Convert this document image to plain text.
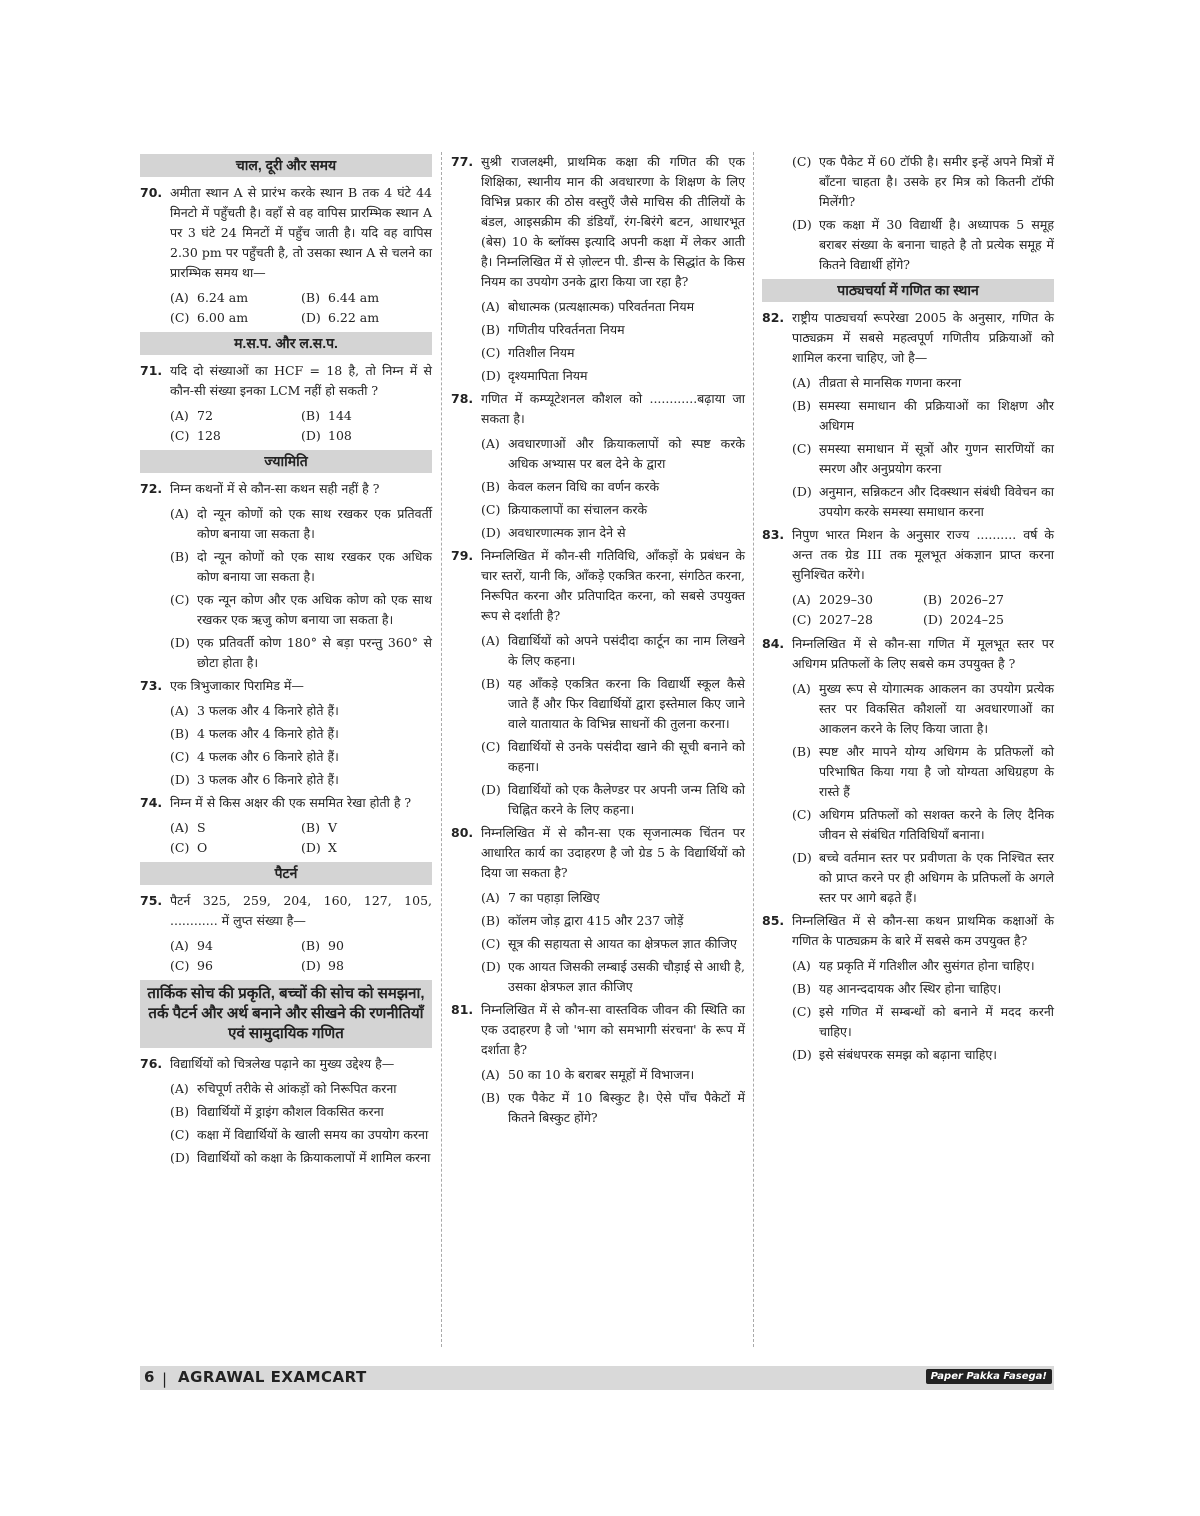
चाल, दूरी और समय
70. अमीता स्थान A से प्रारंभ करके स्थान B तक 4 घंटे 44 मिनटो में पहुँचती है। वहाँ से वह वापिस प्रारम्भिक स्थान A पर 3 घंटे 24 मिनटों में पहुँच जाती है। यदि वह वापिस 2.30 pm पर पहुँचती है, तो उसका स्थान A से चलने का प्रारम्भिक समय था—
(A) 6.24 am	(B) 6.44 am
(C) 6.00 am	(D) 6.22 am
म.स.प. और ल.स.प.
71. यदि दो संख्याओं का HCF = 18 है, तो निम्न में से कौन-सी संख्या इनका LCM नहीं हो सकती ?
(A) 72	(B) 144
(C) 128	(D) 108
ज्यामिति
72. निम्न कथनों में से कौन-सा कथन सही नहीं है ?
(A) दो न्यून कोणों को एक साथ रखकर एक प्रतिवर्ती कोण बनाया जा सकता है।
(B) दो न्यून कोणों को एक साथ रखकर एक अधिक कोण बनाया जा सकता है।
(C) एक न्यून कोण और एक अधिक कोण को एक साथ रखकर एक ऋजु कोण बनाया जा सकता है।
(D) एक प्रतिवर्ती कोण 180° से बड़ा परन्तु 360° से छोटा होता है।
73. एक त्रिभुजाकार पिरामिड में—
(A) 3 फलक और 4 किनारे होते हैं।
(B) 4 फलक और 4 किनारे होते हैं।
(C) 4 फलक और 6 किनारे होते हैं।
(D) 3 फलक और 6 किनारे होते हैं।
74. निम्न में से किस अक्षर की एक सममित रेखा होती है ?
(A) S	(B) V
(C) O	(D) X
पैटर्न
75. पैटर्न 325, 259, 204, 160, 127, 105, ............ में लुप्त संख्या है—
(A) 94	(B) 90
(C) 96	(D) 98
तार्किक सोच की प्रकृति, बच्चों की सोच को समझना, तर्क पैटर्न और अर्थ बनाने और सीखने की रणनीतियाँ एवं सामुदायिक गणित
76. विद्यार्थियों को चित्रलेख पढ़ाने का मुख्य उद्देश्य है—
(A) रुचिपूर्ण तरीके से आंकड़ों को निरूपित करना
(B) विद्यार्थियों में ड्राइंग कौशल विकसित करना
(C) कक्षा में विद्यार्थियों के खाली समय का उपयोग करना
(D) विद्यार्थियों को कक्षा के क्रियाकलापों में शामिल करना
77. सुश्री राजलक्ष्मी, प्राथमिक कक्षा की गणित की एक शिक्षिका, स्थानीय मान की अवधारणा के शिक्षण के लिए विभिन्न प्रकार की ठोस वस्तुएँ जैसे माचिस की तीलियों के बंडल, आइसक्रीम की डंडियाँ, रंग-बिरंगे बटन, आधारभूत (बेस) 10 के ब्लॉक्स इत्यादि अपनी कक्षा में लेकर आती है। निम्नलिखित में से ज़ोल्टन पी. डीन्स के सिद्धांत के किस नियम का उपयोग उनके द्वारा किया जा रहा है?
(A) बोधात्मक (प्रत्यक्षात्मक) परिवर्तनता नियम
(B) गणितीय परिवर्तनता नियम
(C) गतिशील नियम
(D) दृश्यमापिता नियम
78. गणित में कम्प्यूटेशनल कौशल को ............बढ़ाया जा सकता है।
(A) अवधारणाओं और क्रियाकलापों को स्पष्ट करके अधिक अभ्यास पर बल देने के द्वारा
(B) केवल कलन विधि का वर्णन करके
(C) क्रियाकलापों का संचालन करके
(D) अवधारणात्मक ज्ञान देने से
79. निम्नलिखित में कौन-सी गतिविधि, आँकड़ों के प्रबंधन के चार स्तरों, यानी कि, आँकड़े एकत्रित करना, संगठित करना, निरूपित करना और प्रतिपादित करना, को सबसे उपयुक्त रूप से दर्शाती है?
(A) विद्यार्थियों को अपने पसंदीदा कार्टून का नाम लिखने के लिए कहना।
(B) यह आँकड़े एकत्रित करना कि विद्यार्थी स्कूल कैसे जाते हैं और फिर विद्यार्थियों द्वारा इस्तेमाल किए जाने वाले यातायात के विभिन्न साधनों की तुलना करना।
(C) विद्यार्थियों से उनके पसंदीदा खाने की सूची बनाने को कहना।
(D) विद्यार्थियों को एक कैलेण्डर पर अपनी जन्म तिथि को चिह्नित करने के लिए कहना।
80. निम्नलिखित में से कौन-सा एक सृजनात्मक चिंतन पर आधारित कार्य का उदाहरण है जो ग्रेड 5 के विद्यार्थियों को दिया जा सकता है?
(A) 7 का पहाड़ा लिखिए
(B) कॉलम जोड़ द्वारा 415 और 237 जोड़ें
(C) सूत्र की सहायता से आयत का क्षेत्रफल ज्ञात कीजिए
(D) एक आयत जिसकी लम्बाई उसकी चौड़ाई से आधी है, उसका क्षेत्रफल ज्ञात कीजिए
81. निम्नलिखित में से कौन-सा वास्तविक जीवन की स्थिति का एक उदाहरण है जो 'भाग को समभागी संरचना' के रूप में दर्शाता है?
(A) 50 का 10 के बराबर समूहों में विभाजन।
(B) एक पैकेट में 10 बिस्कुट है। ऐसे पाँच पैकेटों में कितने बिस्कुट होंगे?
(C) एक पैकेट में 60 टॉफी है। समीर इन्हें अपने मित्रों में बाँटना चाहता है। उसके हर मित्र को कितनी टॉफी मिलेंगी?
(D) एक कक्षा में 30 विद्यार्थी है। अध्यापक 5 समूह बराबर संख्या के बनाना चाहते है तो प्रत्येक समूह में कितने विद्यार्थी होंगे?
पाठ्यचर्या में गणित का स्थान
82. राष्ट्रीय पाठ्यचर्या रूपरेखा 2005 के अनुसार, गणित के पाठ्यक्रम में सबसे महत्वपूर्ण गणितीय प्रक्रियाओं को शामिल करना चाहिए, जो है—
(A) तीव्रता से मानसिक गणना करना
(B) समस्या समाधान की प्रक्रियाओं का शिक्षण और अधिगम
(C) समस्या समाधान में सूत्रों और गुणन सारणियों का स्मरण और अनुप्रयोग करना
(D) अनुमान, सन्निकटन और दिक्स्थान संबंधी विवेचन का उपयोग करके समस्या समाधान करना
83. निपुण भारत मिशन के अनुसार राज्य .......... वर्ष के अन्त तक ग्रेड III तक मूलभूत अंकज्ञान प्राप्त करना सुनिश्चित करेंगे।
(A) 2029–30	(B) 2026–27
(C) 2027–28	(D) 2024–25
84. निम्नलिखित में से कौन-सा गणित में मूलभूत स्तर पर अधिगम प्रतिफलों के लिए सबसे कम उपयुक्त है ?
(A) मुख्य रूप से योगात्मक आकलन का उपयोग प्रत्येक स्तर पर विकसित कौशलों या अवधारणाओं का आकलन करने के लिए किया जाता है।
(B) स्पष्ट और मापने योग्य अधिगम के प्रतिफलों को परिभाषित किया गया है जो योग्यता अधिग्रहण के रास्ते हैं
(C) अधिगम प्रतिफलों को सशक्त करने के लिए दैनिक जीवन से संबंधित गतिविधियाँ बनाना।
(D) बच्चे वर्तमान स्तर पर प्रवीणता के एक निश्चित स्तर को प्राप्त करने पर ही अधिगम के प्रतिफलों के अगले स्तर पर आगे बढ़ते हैं।
85. निम्नलिखित में से कौन-सा कथन प्राथमिक कक्षाओं के गणित के पाठ्यक्रम के बारे में सबसे कम उपयुक्त है?
(A) यह प्रकृति में गतिशील और सुसंगत होना चाहिए।
(B) यह आनन्ददायक और स्थिर होना चाहिए।
(C) इसे गणित में सम्बन्धों को बनाने में मदद करनी चाहिए।
(D) इसे संबंधपरक समझ को बढ़ाना चाहिए।
6 | AGRAWAL EXAMCART	Paper Pakka Fasega!
